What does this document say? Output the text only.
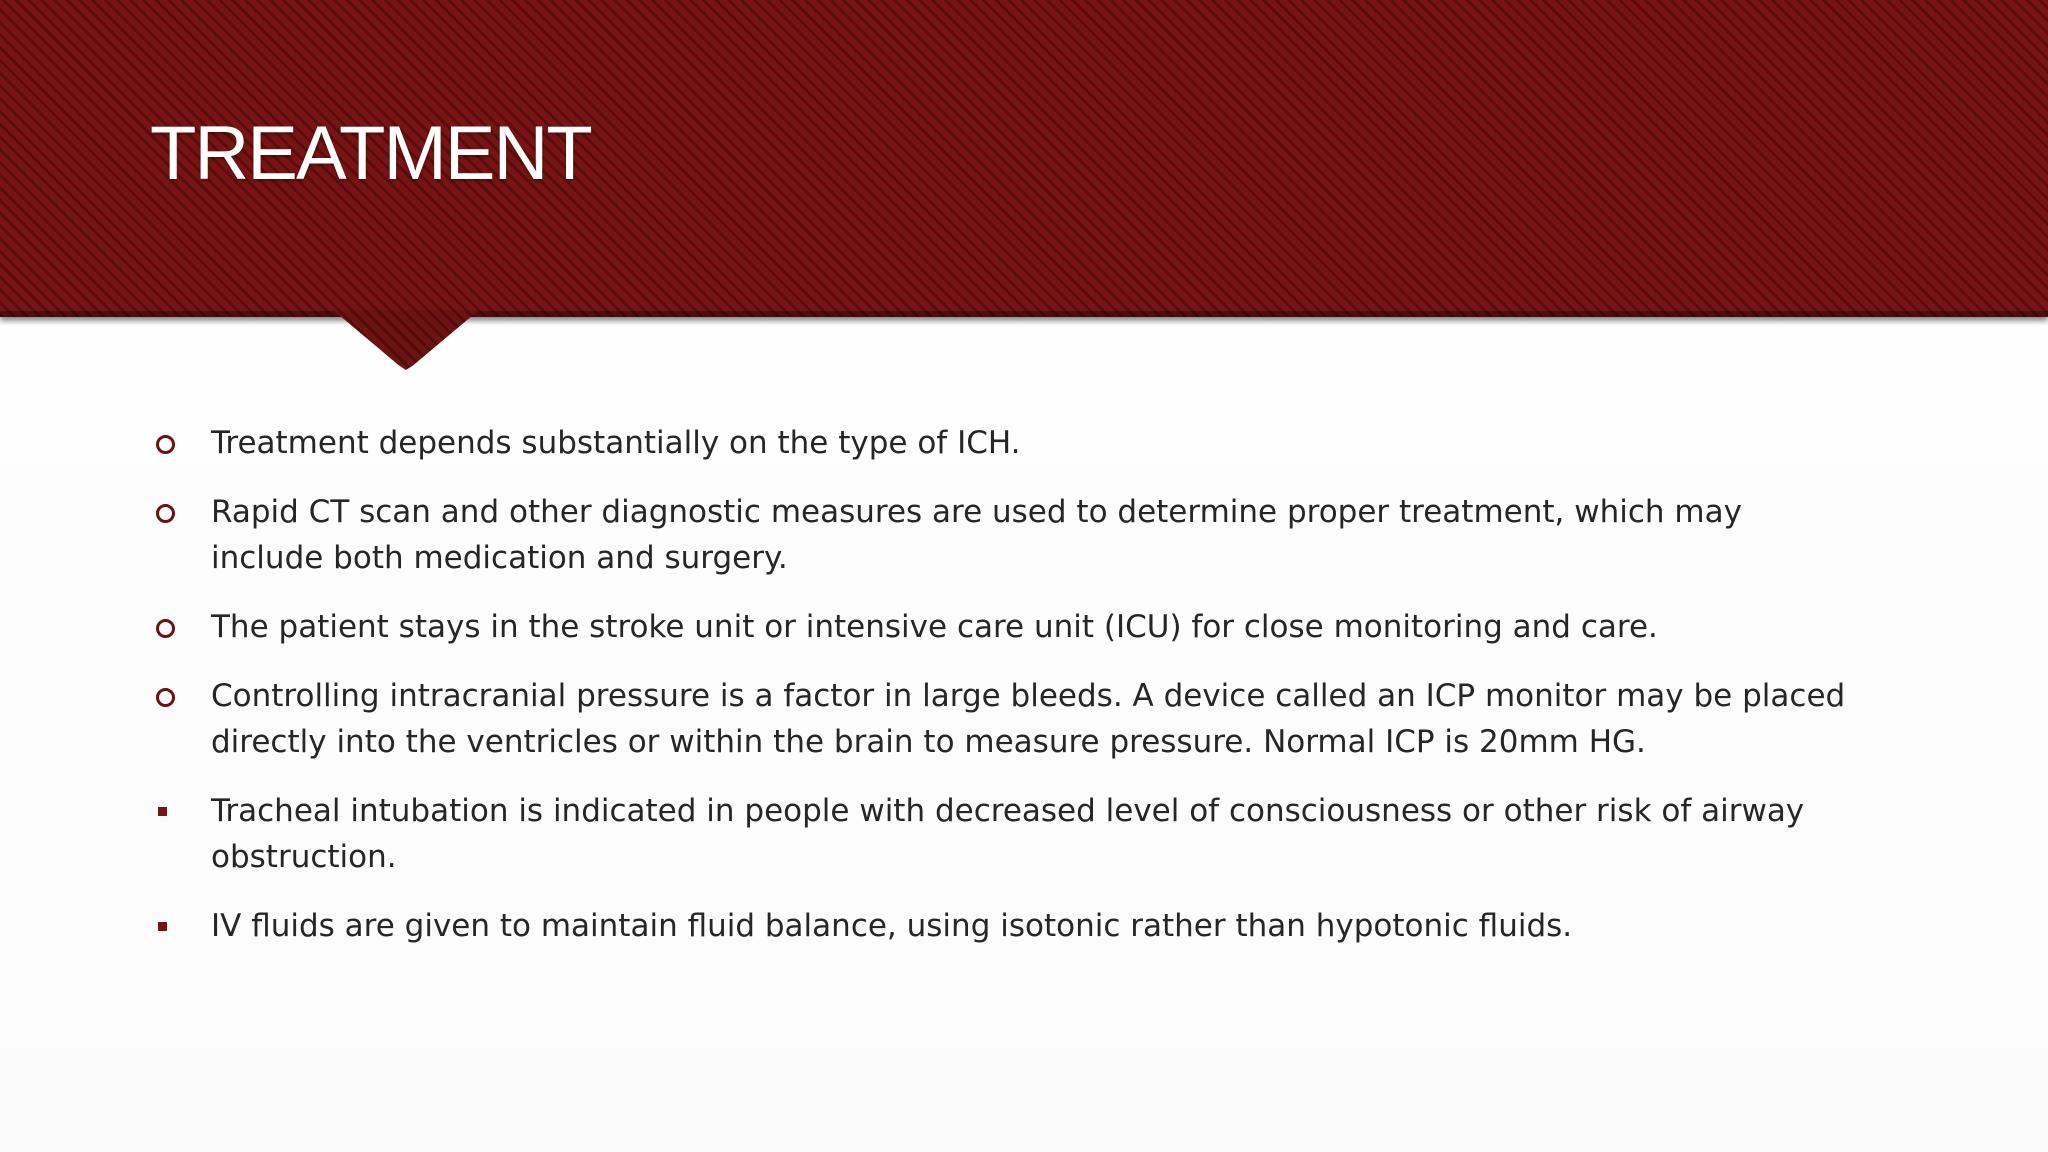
TREATMENT
Treatment depends substantially on the type of ICH.
Rapid CT scan and other diagnostic measures are used to determine proper treatment, which may include both medication and surgery.
The patient stays in the stroke unit or intensive care unit (ICU) for close monitoring and care.
Controlling intracranial pressure is a factor in large bleeds. A device called an ICP monitor may be placed directly into the ventricles or within the brain to measure pressure. Normal ICP is 20mm HG.
Tracheal intubation is indicated in people with decreased level of consciousness or other risk of airway obstruction.
IV fluids are given to maintain fluid balance, using isotonic rather than hypotonic fluids.
